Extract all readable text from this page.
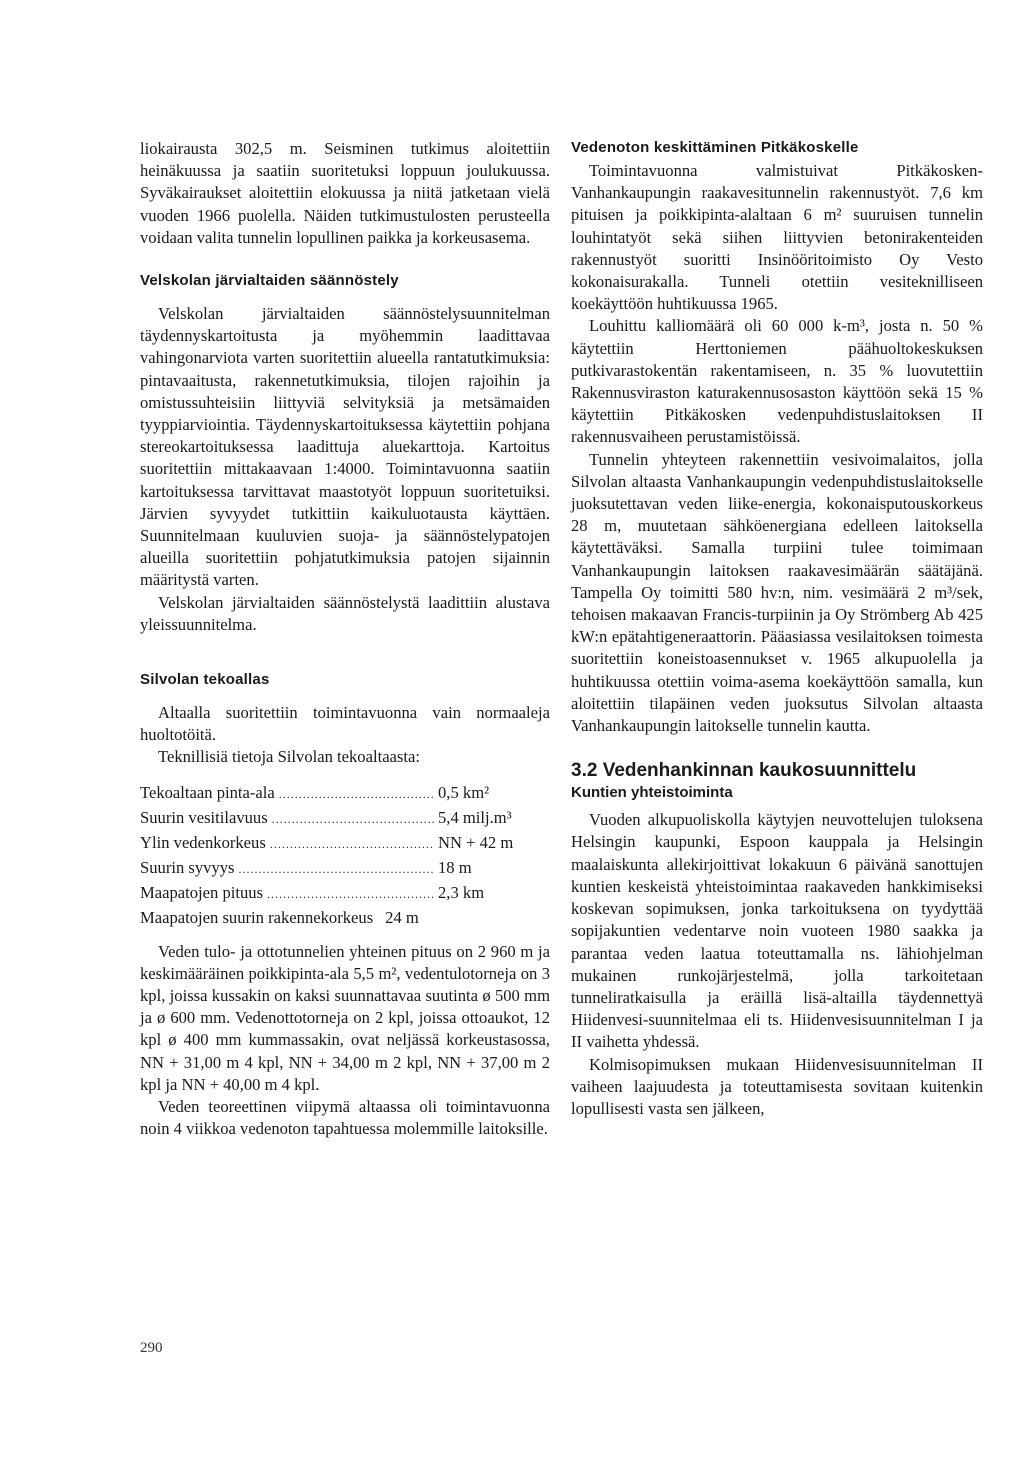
liokairausta 302,5 m. Seisminen tutkimus aloitettiin heinäkuussa ja saatiin suoritetuksi loppuun joulukuussa. Syväkairaukset aloitettiin elokuussa ja niitä jatketaan vielä vuoden 1966 puolella. Näiden tutkimustulosten perusteella voidaan valita tunnelin lopullinen paikka ja korkeusasema.

Velskolan järvialtaiden säännöstely

Velskolan järvialtaiden säännöstelysuunnitelman täydennyskartoitusta ja myöhemmin laadittavaa vahingonarviota varten suoritettiin alueella rantatutkimuksia: pintavaaitusta, rakennetutkimuksia, tilojen rajoihin ja omistussuhteisiin liittyviä selvityksiä ja metsämaiden tyyppiarviointia. Täydennyskartoituksessa käytettiin pohjana stereokartoituksessa laadittuja aluekarttoja. Kartoitus suoritettiin mittakaavaan 1:4000. Toimintavuonna saatiin kartoituksessa tarvittavat maastotyöt loppuun suoritetuiksi. Järvien syvyydet tutkittiin kaikuluotausta käyttäen. Suunnitelmaan kuuluvien suoja- ja säännöstelypatojen alueilla suoritettiin pohjatutkimuksia patojen sijainnin määritystä varten.

Velskolan järvialtaiden säännöstelystä laadittiin alustava yleissuunnitelma.

Silvolan tekoallas

Altaalla suoritettiin toimintavuonna vain normaaleja huoltotöitä.

Teknillisiä tietoja Silvolan tekoaltaasta:

Tekoaltaan pinta-ala .....	0,5 km²
Suurin vesitilavuus .....	5,4 milj.m³
Ylin vedenkorkeus .....	NN + 42 m
Suurin syvyys .....	18 m
Maapatojen pituus .....	2,3 km
Maapatojen suurin rakennekorkeus 24 m

Veden tulo- ja ottotunnelien yhteinen pituus on 2 960 m ja keskimääräinen poikkipinta-ala 5,5 m², vedentulotorneja on 3 kpl, joissa kussakin on kaksi suunnattavaa suutinta ø 500 mm ja ø 600 mm. Vedenottotorneja on 2 kpl, joissa ottoaukot, 12 kpl ø 400 mm kummassakin, ovat neljässä korkeustasossa, NN + 31,00 m 4 kpl, NN + 34,00 m 2 kpl, NN + 37,00 m 2 kpl ja NN + 40,00 m 4 kpl.

Veden teoreettinen viipymä altaassa oli toimintavuonna noin 4 viikkoa vedenoton tapahtuessa molemmille laitoksille.

Vedenoton keskittäminen Pitkäkoskelle

Toimintavuonna valmistuivat Pitkäkosken-Vanhankaupungin raakavesitunnelin rakennustyöt. 7,6 km pituisen ja poikkipinta-alaltaan 6 m² suuruisen tunnelin louhintatyöt sekä siihen liittyvien betonirakenteiden rakennustyöt suoritti Insinööritoimisto Oy Vesto kokonaisurakalla. Tunneli otettiin vesiteknilliseen koekäyttöön huhtikuussa 1965.

Louhittu kalliomäärä oli 60 000 k-m³, josta n. 50 % käytettiin Herttoniemen päähuoltokeskuksen putkivarastokentän rakentamiseen, n. 35 % luovutettiin Rakennusviraston katurakennusosaston käyttöön sekä 15 % käytettiin Pitkäkosken vedenpuhdistuslaitoksen II rakennusvaiheen perustamistöissä.

Tunnelin yhteyteen rakennettiin vesivoimalaitos, jolla Silvolan altaasta Vanhankaupungin vedenpuhdistuslaitokselle juoksutettavan veden liike-energia, kokonaisputouskorkeus 28 m, muutetaan sähköenergiana edelleen laitoksella käytettäväksi. Samalla turpiini tulee toimimaan Vanhankaupungin laitoksen raakavesimäärän säätäjänä. Tampella Oy toimitti 580 hv:n, nim. vesimäärä 2 m³/sek, tehoisen makaavan Francis-turpiinin ja Oy Strömberg Ab 425 kW:n epätahtigeneraattorin. Pääasiassa vesilaitoksen toimesta suoritettiin koneistoasennukset v. 1965 alkupuolella ja huhtikuussa otettiin voima-asema koekäyttöön samalla, kun aloitettiin tilapäinen veden juoksutus Silvolan altaasta Vanhankaupungin laitokselle tunnelin kautta.

3.2 Vedenhankinnan kaukosuunnittelu
Kuntien yhteistoiminta

Vuoden alkupuoliskolla käytyjen neuvottelujen tuloksena Helsingin kaupunki, Espoon kauppala ja Helsingin maalaiskunta allekirjoittivat lokakuun 6 päivänä sanottujen kuntien keskeistä yhteistoimintaa raakaveden hankkimiseksi koskevan sopimuksen, jonka tarkoituksena on tyydyttää sopijakuntien vedentarve noin vuoteen 1980 saakka ja parantaa veden laatua toteuttamalla ns. lähiohjelman mukainen runkojärjestelmä, jolla tarkoitetaan tunneliratkaisulla ja eräillä lisä-altailla täydennettyä Hiidenvesi-suunnitelmaa eli ts. Hiidenvesisuunnitelman I ja II vaihetta yhdessä.

Kolmisopimuksen mukaan Hiidenvesisuunnitelman II vaiheen laajuudesta ja toteuttamisesta sovitaan kuitenkin lopullisesti vasta sen jälkeen,

290
